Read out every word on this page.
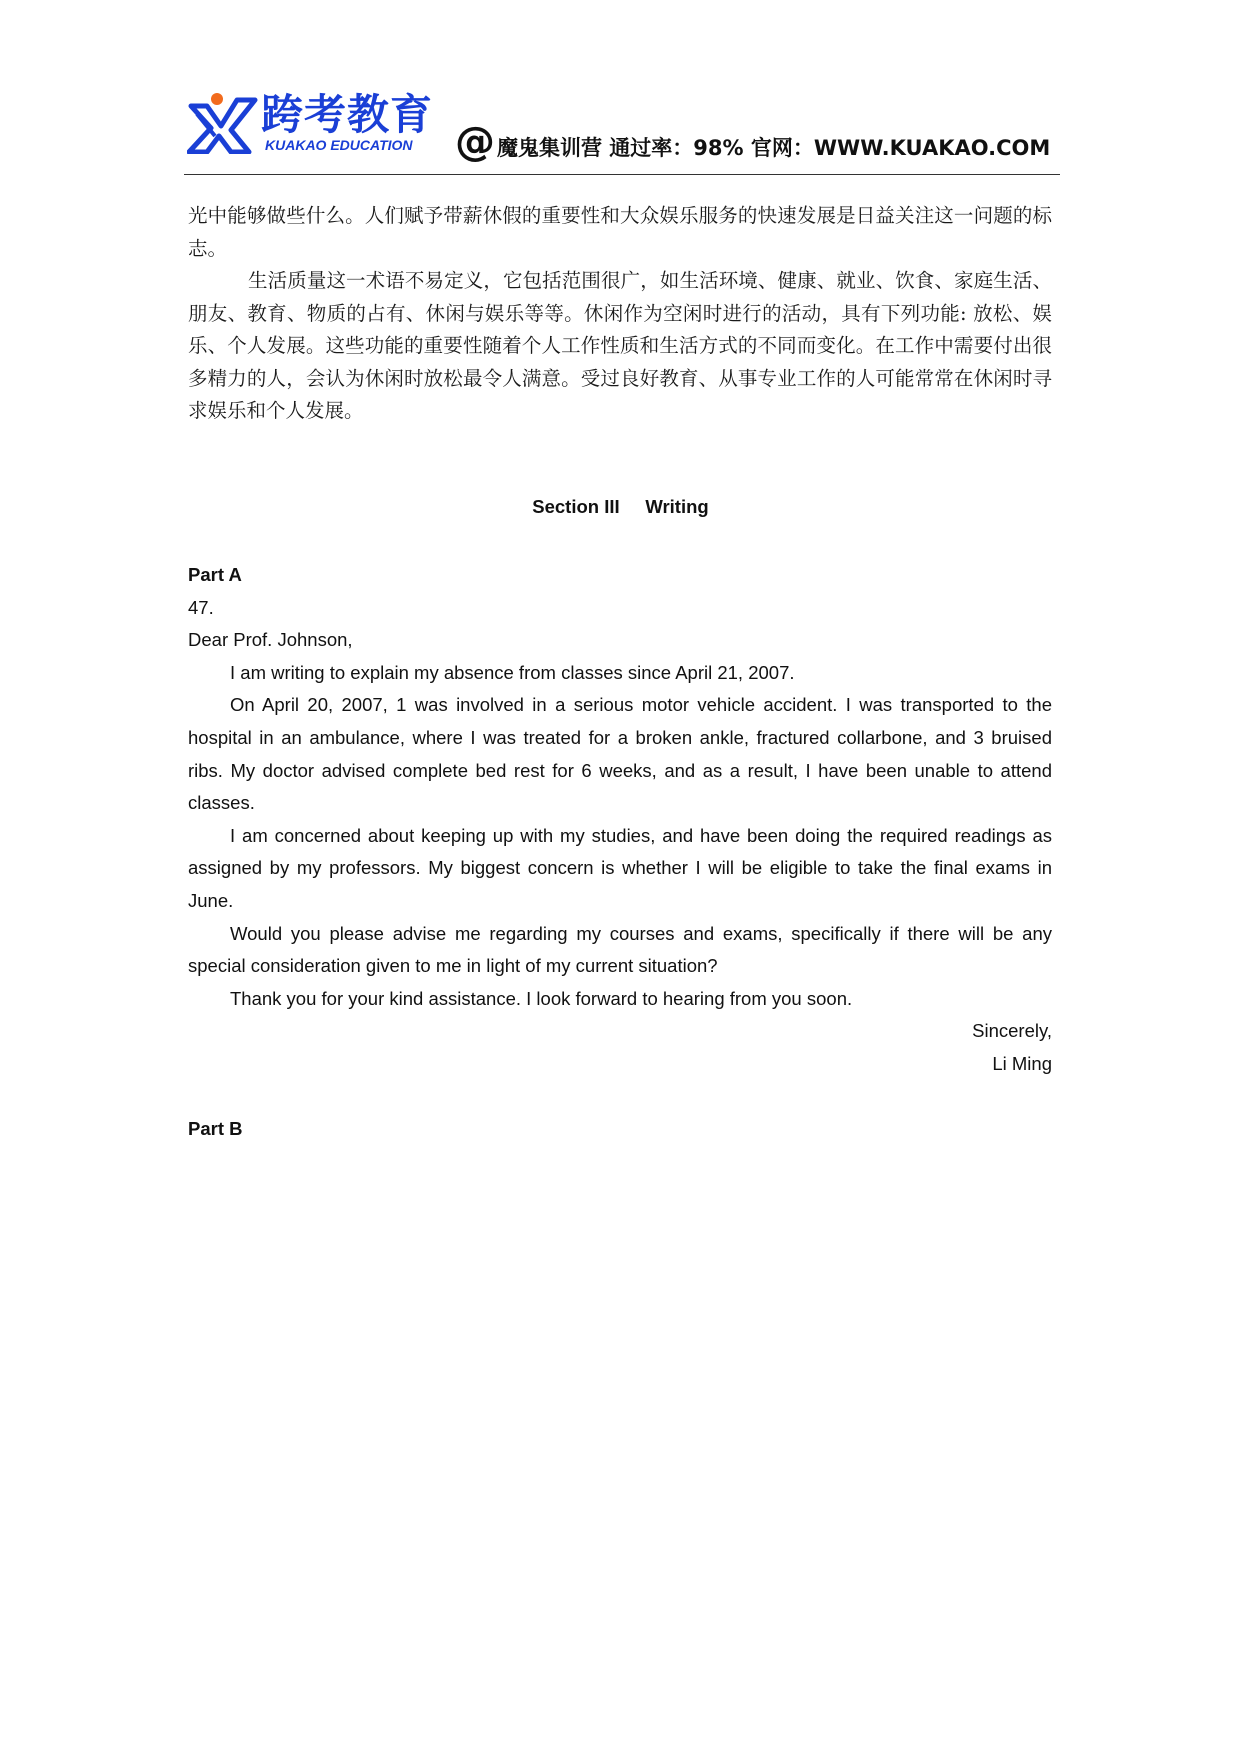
跨考教育
KUAKAO EDUCATION @ 魔鬼集训营 通过率：98% 官网：WWW.KUAKAO.COM

光中能够做些什么。人们赋予带薪休假的重要性和大众娱乐服务的快速发展是日益关注这一问题的标志。

生活质量这一术语不易定义，它包括范围很广，如生活环境、健康、就业、饮食、家庭生活、朋友、教育、物质的占有、休闲与娱乐等等。休闲作为空闲时进行的活动，具有下列功能: 放松、娱乐、个人发展。这些功能的重要性随着个人工作性质和生活方式的不同而变化。在工作中需要付出很多精力的人，会认为休闲时放松最令人满意。受过良好教育、从事专业工作的人可能常常在休闲时寻求娱乐和个人发展。

Section III     Writing

Part A

47.

Dear Prof. Johnson,

I am writing to explain my absence from classes since April 21, 2007.

On April 20, 2007, 1 was involved in a serious motor vehicle accident. I was transported to the hospital in an ambulance, where I was treated for a broken ankle, fractured collarbone, and 3 bruised ribs. My doctor advised complete bed rest for 6 weeks, and as a result, I have been unable to attend classes.

I am concerned about keeping up with my studies, and have been doing the required readings as assigned by my professors. My biggest concern is whether I will be eligible to take the final exams in June.

Would you please advise me regarding my courses and exams, specifically if there will be any special consideration given to me in light of my current situation?

Thank you for your kind assistance. I look forward to hearing from you soon.

Sincerely,

Li Ming

Part B
